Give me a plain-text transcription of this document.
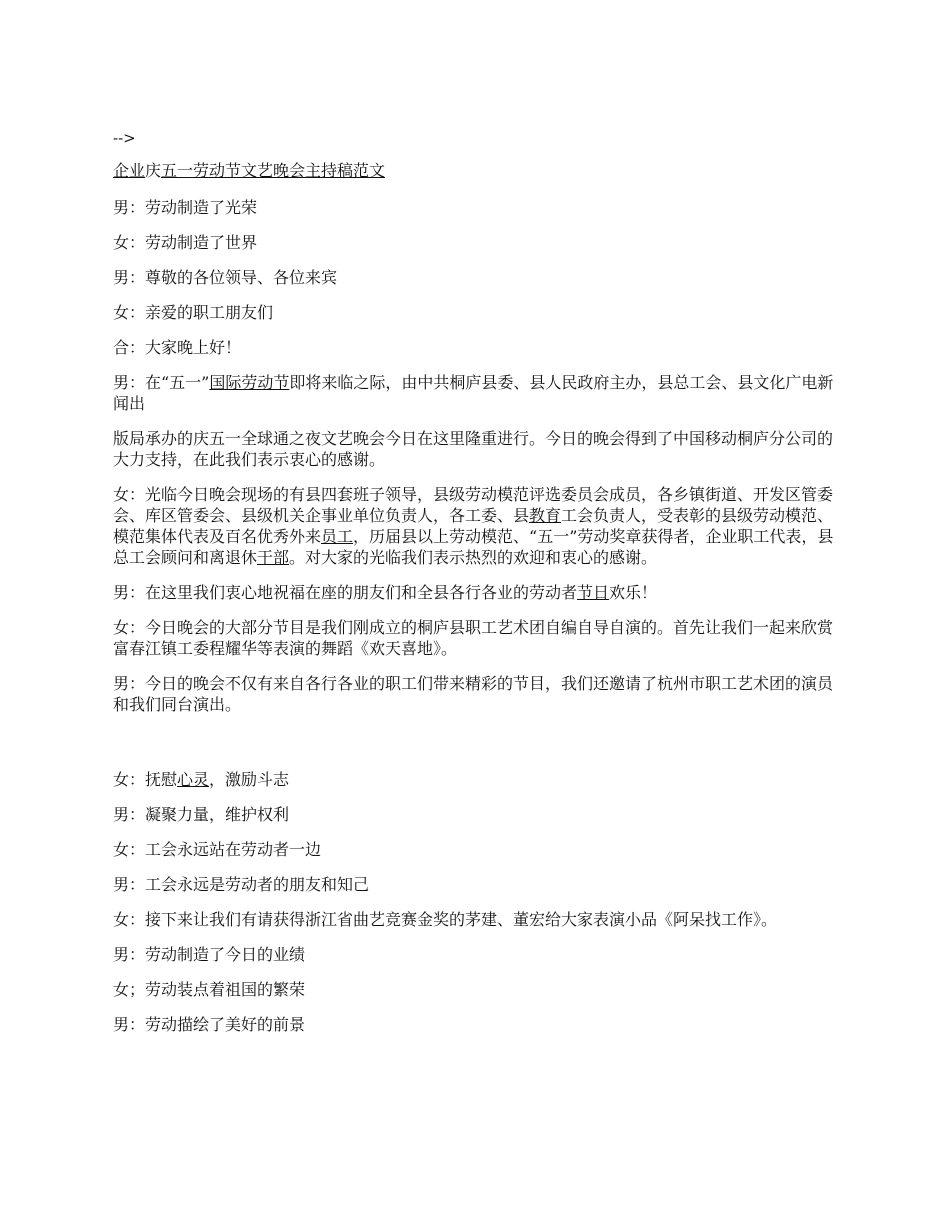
-->

企业庆五一劳动节文艺晚会主持稿范文

男：劳动制造了光荣

女：劳动制造了世界

男：尊敬的各位领导、各位来宾

女：亲爱的职工朋友们

合：大家晚上好！

男：在“五一”国际劳动节即将来临之际，由中共桐庐县委、县人民政府主办，县总工会、县文化广电新闻出

版局承办的庆五一全球通之夜文艺晚会今日在这里隆重进行。今日的晚会得到了中国移动桐庐分公司的大力支持，在此我们表示衷心的感谢。

女：光临今日晚会现场的有县四套班子领导，县级劳动模范评选委员会成员，各乡镇街道、开发区管委会、库区管委会、县级机关企事业单位负责人，各工委、县教育工会负责人，受表彰的县级劳动模范、模范集体代表及百名优秀外来员工，历届县以上劳动模范、“五一”劳动奖章获得者，企业职工代表，县总工会顾问和离退休干部。对大家的光临我们表示热烈的欢迎和衷心的感谢。

男：在这里我们衷心地祝福在座的朋友们和全县各行各业的劳动者节日欢乐！

女：今日晚会的大部分节目是我们刚成立的桐庐县职工艺术团自编自导自演的。首先让我们一起来欣赏富春江镇工委程耀华等表演的舞蹈《欢天喜地》。

男：今日的晚会不仅有来自各行各业的职工们带来精彩的节目，我们还邀请了杭州市职工艺术团的演员和我们同台演出。

女：抚慰心灵，激励斗志

男：凝聚力量，维护权利

女：工会永远站在劳动者一边

男：工会永远是劳动者的朋友和知己

女：接下来让我们有请获得浙江省曲艺竞赛金奖的茅建、董宏给大家表演小品《阿呆找工作》。

男：劳动制造了今日的业绩

女；劳动装点着祖国的繁荣

男：劳动描绘了美好的前景
